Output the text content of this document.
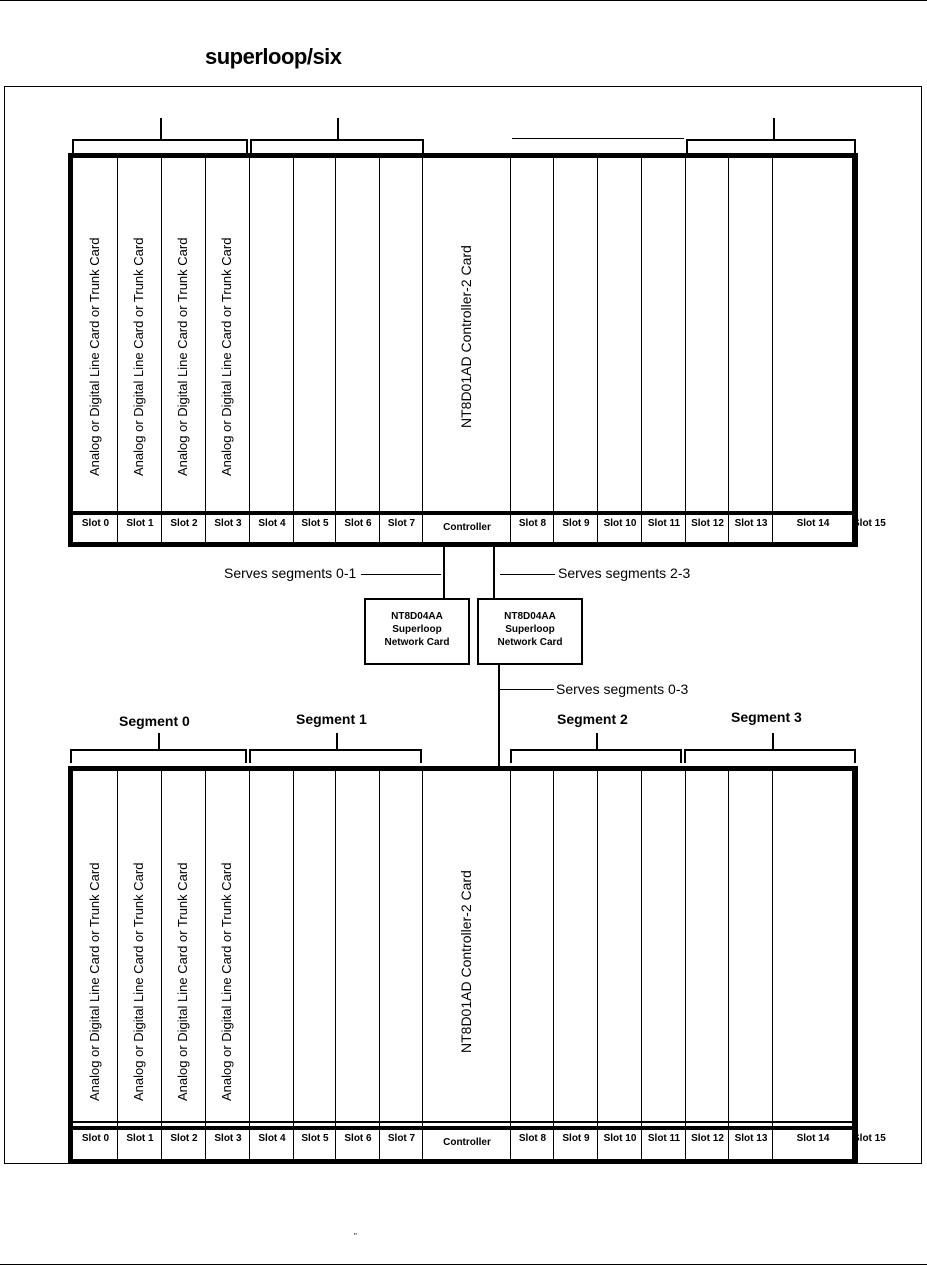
superloop/six
Slot 0
Analog or Digital Line Card or Trunk Card
Slot 1
Analog or Digital Line Card or Trunk Card
Slot 2
Analog or Digital Line Card or Trunk Card
Slot 3
Analog or Digital Line Card or Trunk Card
Slot 4	Slot 5	Slot 6	Slot 7	Controller
NT8D01AD Controller-2 Card
Slot 8	Slot 9	Slot 10	Slot 11	Slot 12	Slot 13	Slot 14	Slot 15
Serves segments 0-1	Serves segments 2-3
NT8D04AA
Superloop
Network Card
NT8D04AA
Superloop
Network Card
Serves segments 0-3
Segment 0	Segment 1	Segment 2	Segment 3
Slot 0
Analog or Digital Line Card or Trunk Card
Slot 1
Analog or Digital Line Card or Trunk Card
Slot 2
Analog or Digital Line Card or Trunk Card
Slot 3
Analog or Digital Line Card or Trunk Card
Slot 4	Slot 5	Slot 6	Slot 7	Controller
NT8D01AD Controller-2 Card
Slot 8	Slot 9	Slot 10	Slot 11	Slot 12	Slot 13	Slot 14	Slot 15
"
